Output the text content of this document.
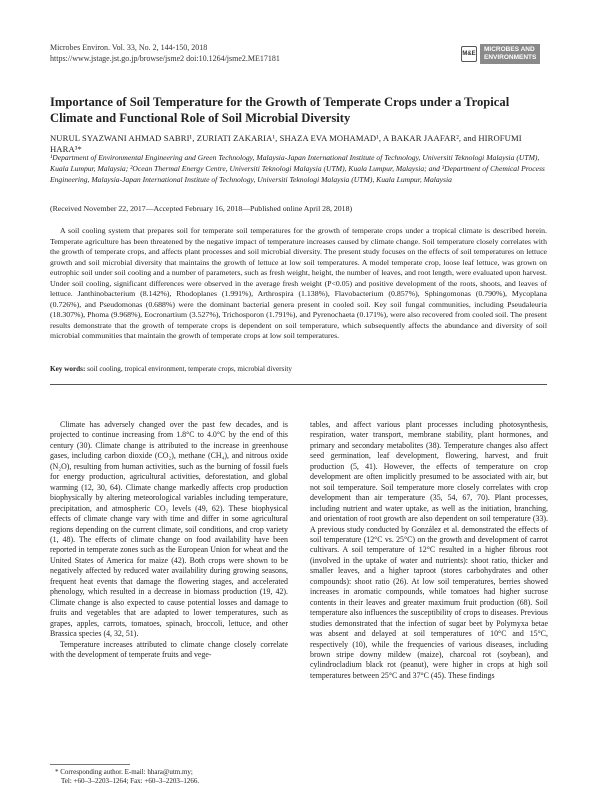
Microbes Environ. Vol. 33, No. 2, 144-150, 2018
https://www.jstage.jst.go.jp/browse/jsme2 doi:10.1264/jsme2.ME17181	M&E
MICROBES AND
ENVIRONMENTS
Importance of Soil Temperature for the Growth of Temperate Crops under a Tropical Climate and Functional Role of Soil Microbial Diversity
NURUL SYAZWANI AHMAD SABRI¹, ZURIATI ZAKARIA¹, SHAZA EVA MOHAMAD¹, A BAKAR JAAFAR², and HIROFUMI HARA³*
¹Department of Environmental Engineering and Green Technology, Malaysia-Japan International Institute of Technology, Universiti Teknologi Malaysia (UTM), Kuala Lumpur, Malaysia; ²Ocean Thermal Energy Centre, Universiti Teknologi Malaysia (UTM), Kuala Lumpur, Malaysia; and ³Department of Chemical Process Engineering, Malaysia-Japan International Institute of Technology, Universiti Teknologi Malaysia (UTM), Kuala Lumpur, Malaysia
(Received November 22, 2017—Accepted February 16, 2018—Published online April 28, 2018)

A soil cooling system that prepares soil for temperate soil temperatures for the growth of temperate crops under a tropical climate is described herein. Temperate agriculture has been threatened by the negative impact of temperature increases caused by climate change. Soil temperature closely correlates with the growth of temperate crops, and affects plant processes and soil microbial diversity. The present study focuses on the effects of soil temperatures on lettuce growth and soil microbial diversity that maintains the growth of lettuce at low soil temperatures. A model temperate crop, loose leaf lettuce, was grown on eutrophic soil under soil cooling and a number of parameters, such as fresh weight, height, the number of leaves, and root length, were evaluated upon harvest. Under soil cooling, significant differences were observed in the average fresh weight (P<0.05) and positive development of the roots, shoots, and leaves of lettuce. Janthinobacterium (8.142%), Rhodoplanes (1.991%), Arthrospira (1.138%), Flavobacterium (0.857%), Sphingomonas (0.790%), Mycoplana (0.726%), and Pseudomonas (0.688%) were the dominant bacterial genera present in cooled soil. Key soil fungal communities, including Pseudaleuria (18.307%), Phoma (9.968%), Eocronartium (3.527%), Trichosporon (1.791%), and Pyrenochaeta (0.171%), were also recovered from cooled soil. The present results demonstrate that the growth of temperate crops is dependent on soil temperature, which subsequently affects the abundance and diversity of soil microbial communities that maintain the growth of temperate crops at low soil temperatures.

Key words: soil cooling, tropical environment, temperate crops, microbial diversity

Climate has adversely changed over the past few decades, and is projected to continue increasing from 1.8°C to 4.0°C by the end of this century (30). Climate change is attributed to the increase in greenhouse gases, including carbon dioxide (CO₂), methane (CH₄), and nitrous oxide (N₂O), resulting from human activities, such as the burning of fossil fuels for energy production, agricultural activities, deforestation, and global warming (12, 30, 64). Climate change markedly affects crop production biophysically by altering meteorological variables including temperature, precipitation, and atmospheric CO₂ levels (49, 62). These biophysical effects of climate change vary with time and differ in some agricultural regions depending on the current climate, soil conditions, and crop variety (1, 48). The effects of climate change on food availability have been reported in temperate zones such as the European Union for wheat and the United States of America for maize (42). Both crops were shown to be negatively affected by reduced water availability during growing seasons, frequent heat events that damage the flowering stages, and accelerated phenology, which resulted in a decrease in biomass production (19, 42). Climate change is also expected to cause potential losses and damage to fruits and vegetables that are adapted to lower temperatures, such as grapes, apples, carrots, tomatoes, spinach, broccoli, lettuce, and other Brassica species (4, 32, 51).

Temperature increases attributed to climate change closely correlate with the development of temperate fruits and vege-

tables, and affect various plant processes including photosynthesis, respiration, water transport, membrane stability, plant hormones, and primary and secondary metabolites (38). Temperature changes also affect seed germination, leaf development, flowering, harvest, and fruit production (5, 41). However, the effects of temperature on crop development are often implicitly presumed to be associated with air, but not soil temperature. Soil temperature more closely correlates with crop development than air temperature (35, 54, 67, 70). Plant processes, including nutrient and water uptake, as well as the initiation, branching, and orientation of root growth are also dependent on soil temperature (33). A previous study conducted by González et al. demonstrated the effects of soil temperature (12°C vs. 25°C) on the growth and development of carrot cultivars. A soil temperature of 12°C resulted in a higher fibrous root (involved in the uptake of water and nutrients): shoot ratio, thicker and smaller leaves, and a higher taproot (stores carbohydrates and other compounds): shoot ratio (26). At low soil temperatures, berries showed increases in aromatic compounds, while tomatoes had higher sucrose contents in their leaves and greater maximum fruit production (68). Soil temperature also influences the susceptibility of crops to diseases. Previous studies demonstrated that the infection of sugar beet by Polymyxa betae was absent and delayed at soil temperatures of 10°C and 15°C, respectively (10), while the frequencies of various diseases, including brown stripe downy mildew (maize), charcoal rot (soybean), and cylindrocladium black rot (peanut), were higher in crops at high soil temperatures between 25°C and 37°C (45). These findings

* Corresponding author. E-mail: hhara@utm.my;
Tel: +60–3–2203–1264; Fax: +60–3–2203–1266.
